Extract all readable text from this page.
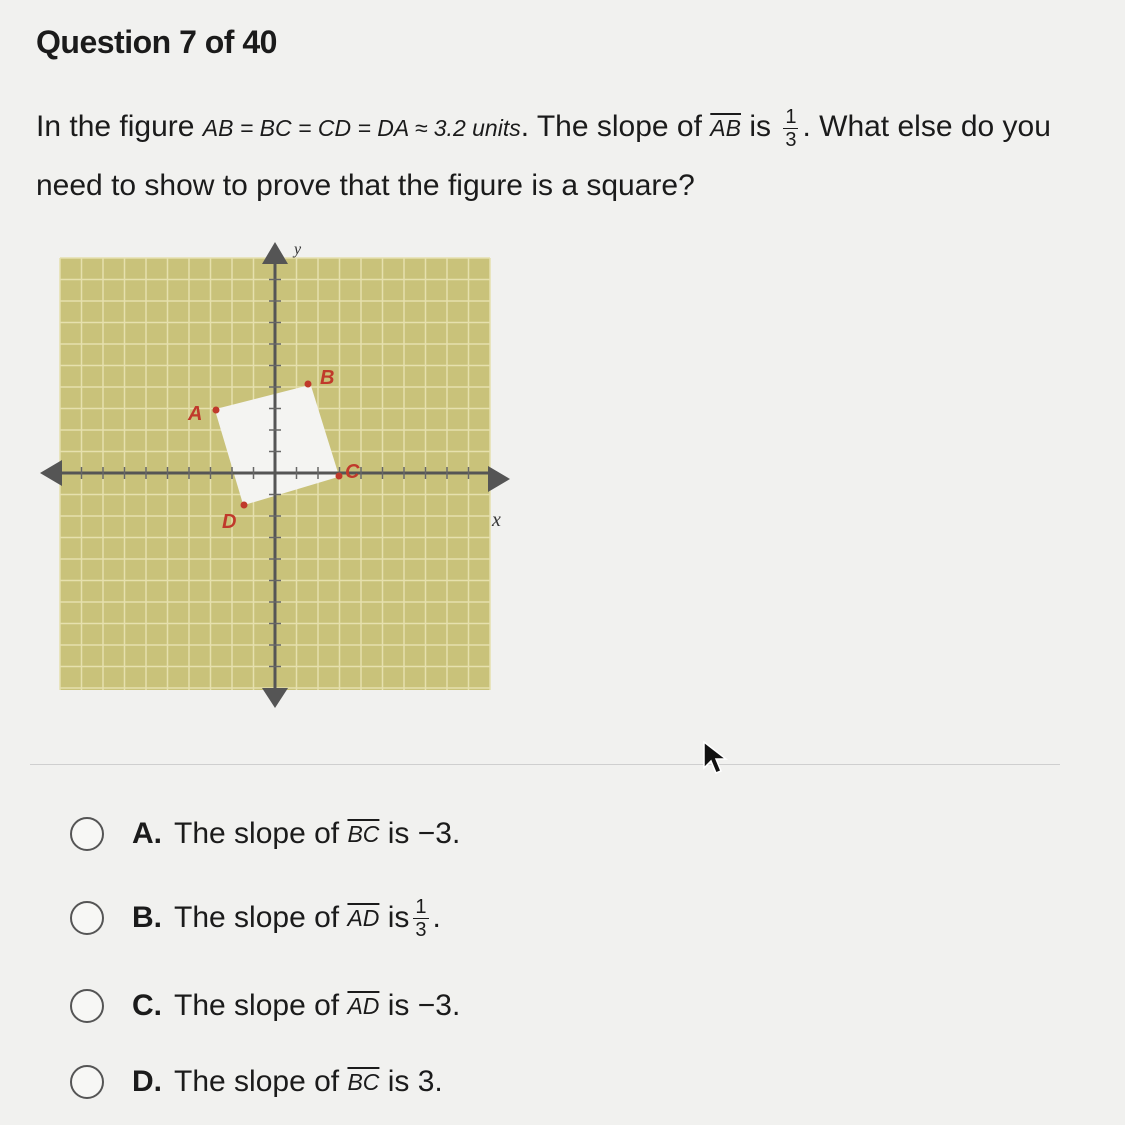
Question 7 of 40
In the figure AB = BC = CD = DA ≈ 3.2 units. The slope of $\overline{AB}$ is $\frac{1}{3}$ . What else do you need to show to prove that the figure is a square?
y
x
A
B
C
D
A. The slope of
$\overline{BC}$
is −3.
B. The slope of
$\overline{AD}$
is $\frac{1}{3}$ .
C. The slope of
$\overline{AD}$
is −3.
D. The slope of
$\overline{BC}$
is 3.
